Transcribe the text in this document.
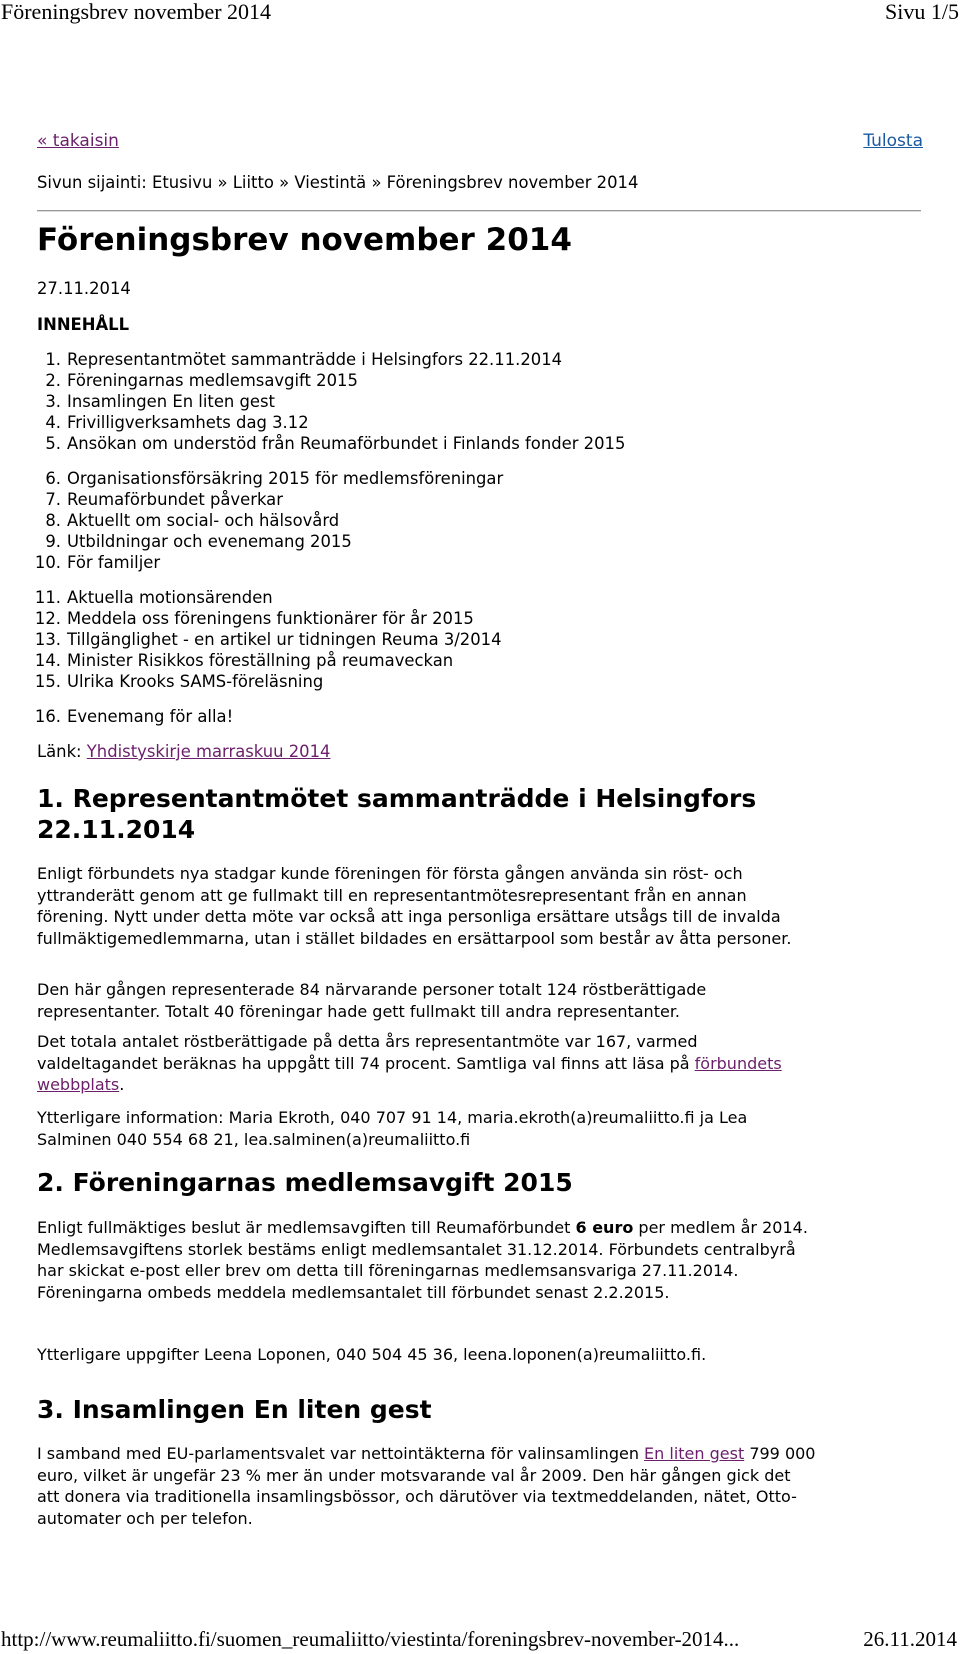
Föreningsbrev november 2014	Sivu 1/5
« takaisin	Tulosta
Sivun sijainti: Etusivu » Liitto » Viestintä » Föreningsbrev november 2014
Föreningsbrev november 2014
27.11.2014
INNEHÅLL
1. Representantmötet sammanträdde i Helsingfors 22.11.2014
2. Föreningarnas medlemsavgift 2015
3. Insamlingen En liten gest
4. Frivilligverksamhets dag 3.12
5. Ansökan om understöd från Reumaförbundet i Finlands fonder 2015
6. Organisationsförsäkring 2015 för medlemsföreningar
7. Reumaförbundet påverkar
8. Aktuellt om social- och hälsovård
9. Utbildningar och evenemang 2015
10. För familjer
11. Aktuella motionsärenden
12. Meddela oss föreningens funktionärer för år 2015
13. Tillgänglighet - en artikel ur tidningen Reuma 3/2014
14. Minister Risikkos föreställning på reumaveckan
15. Ulrika Krooks SAMS-föreläsning
16. Evenemang för alla!
Länk: Yhdistyskirje marraskuu 2014
1. Representantmötet sammanträdde i Helsingfors
22.11.2014

Enligt förbundets nya stadgar kunde föreningen för första gången använda sin röst- och yttranderätt genom att ge fullmakt till en representantmötesrepresentant från en annan förening. Nytt under detta möte var också att inga personliga ersättare utsågs till de invalda fullmäktigemedlemmarna, utan i stället bildades en ersättarpool som består av åtta personer.

Den här gången representerade 84 närvarande personer totalt 124 röstberättigade representanter. Totalt 40 föreningar hade gett fullmakt till andra representanter.

Det totala antalet röstberättigade på detta års representantmöte var 167, varmed valdeltagandet beräknas ha uppgått till 74 procent. Samtliga val finns att läsa på förbundets webbplats.

Ytterligare information: Maria Ekroth, 040 707 91 14, maria.ekroth(a)reumaliitto.fi ja Lea Salminen 040 554 68 21, lea.salminen(a)reumaliitto.fi

2. Föreningarnas medlemsavgift 2015

Enligt fullmäktiges beslut är medlemsavgiften till Reumaförbundet 6 euro per medlem år 2014. Medlemsavgiftens storlek bestäms enligt medlemsantalet 31.12.2014. Förbundets centralbyrå har skickat e-post eller brev om detta till föreningarnas medlemsansvariga 27.11.2014. Föreningarna ombeds meddela medlemsantalet till förbundet senast 2.2.2015.

Ytterligare uppgifter Leena Loponen, 040 504 45 36, leena.loponen(a)reumaliitto.fi.

3. Insamlingen En liten gest

I samband med EU-parlamentsvalet var nettointäkterna för valinsamlingen En liten gest 799 000 euro, vilket är ungefär 23 % mer än under motsvarande val år 2009. Den här gången gick det att donera via traditionella insamlingsbössor, och därutöver via textmeddelanden, nätet, Otto-automater och per telefon.

http://www.reumaliitto.fi/suomen_reumaliitto/viestinta/foreningsbrev-november-2014...	26.11.2014
